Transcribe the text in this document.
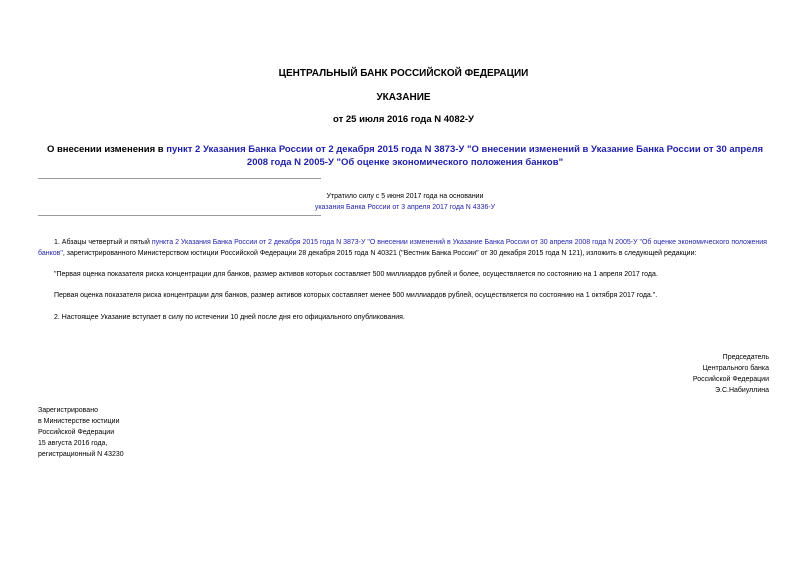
ЦЕНТРАЛЬНЫЙ БАНК РОССИЙСКОЙ ФЕДЕРАЦИИ
УКАЗАНИЕ
от 25 июля 2016 года N 4082-У
О внесении изменения в пункт 2 Указания Банка России от 2 декабря 2015 года N 3873-У "О внесении изменений в Указание Банка России от 30 апреля 2008 года N 2005-У "Об оценке экономического положения банков"
Утратило силу с 5 июня 2017 года на основании
указания Банка России от 3 апреля 2017 года N 4336-У
1. Абзацы четвертый и пятый пункта 2 Указания Банка России от 2 декабря 2015 года N 3873-У "О внесении изменений в Указание Банка России от 30 апреля 2008 года N 2005-У "Об оценке экономического положения банков", зарегистрированного Министерством юстиции Российской Федерации 28 декабря 2015 года N 40321 ("Вестник Банка России" от 30 декабря 2015 года N 121), изложить в следующей редакции:
"Первая оценка показателя риска концентрации для банков, размер активов которых составляет 500 миллиардов рублей и более, осуществляется по состоянию на 1 апреля 2017 года.
Первая оценка показателя риска концентрации для банков, размер активов которых составляет менее 500 миллиардов рублей, осуществляется по состоянию на 1 октября 2017 года.".
2. Настоящее Указание вступает в силу по истечении 10 дней после дня его официального опубликования.
Председатель
Центрального банка
Российской Федерации
Э.С.Набиуллина
Зарегистрировано
в Министерстве юстиции
Российской Федерации
15 августа 2016 года,
регистрационный N 43230
